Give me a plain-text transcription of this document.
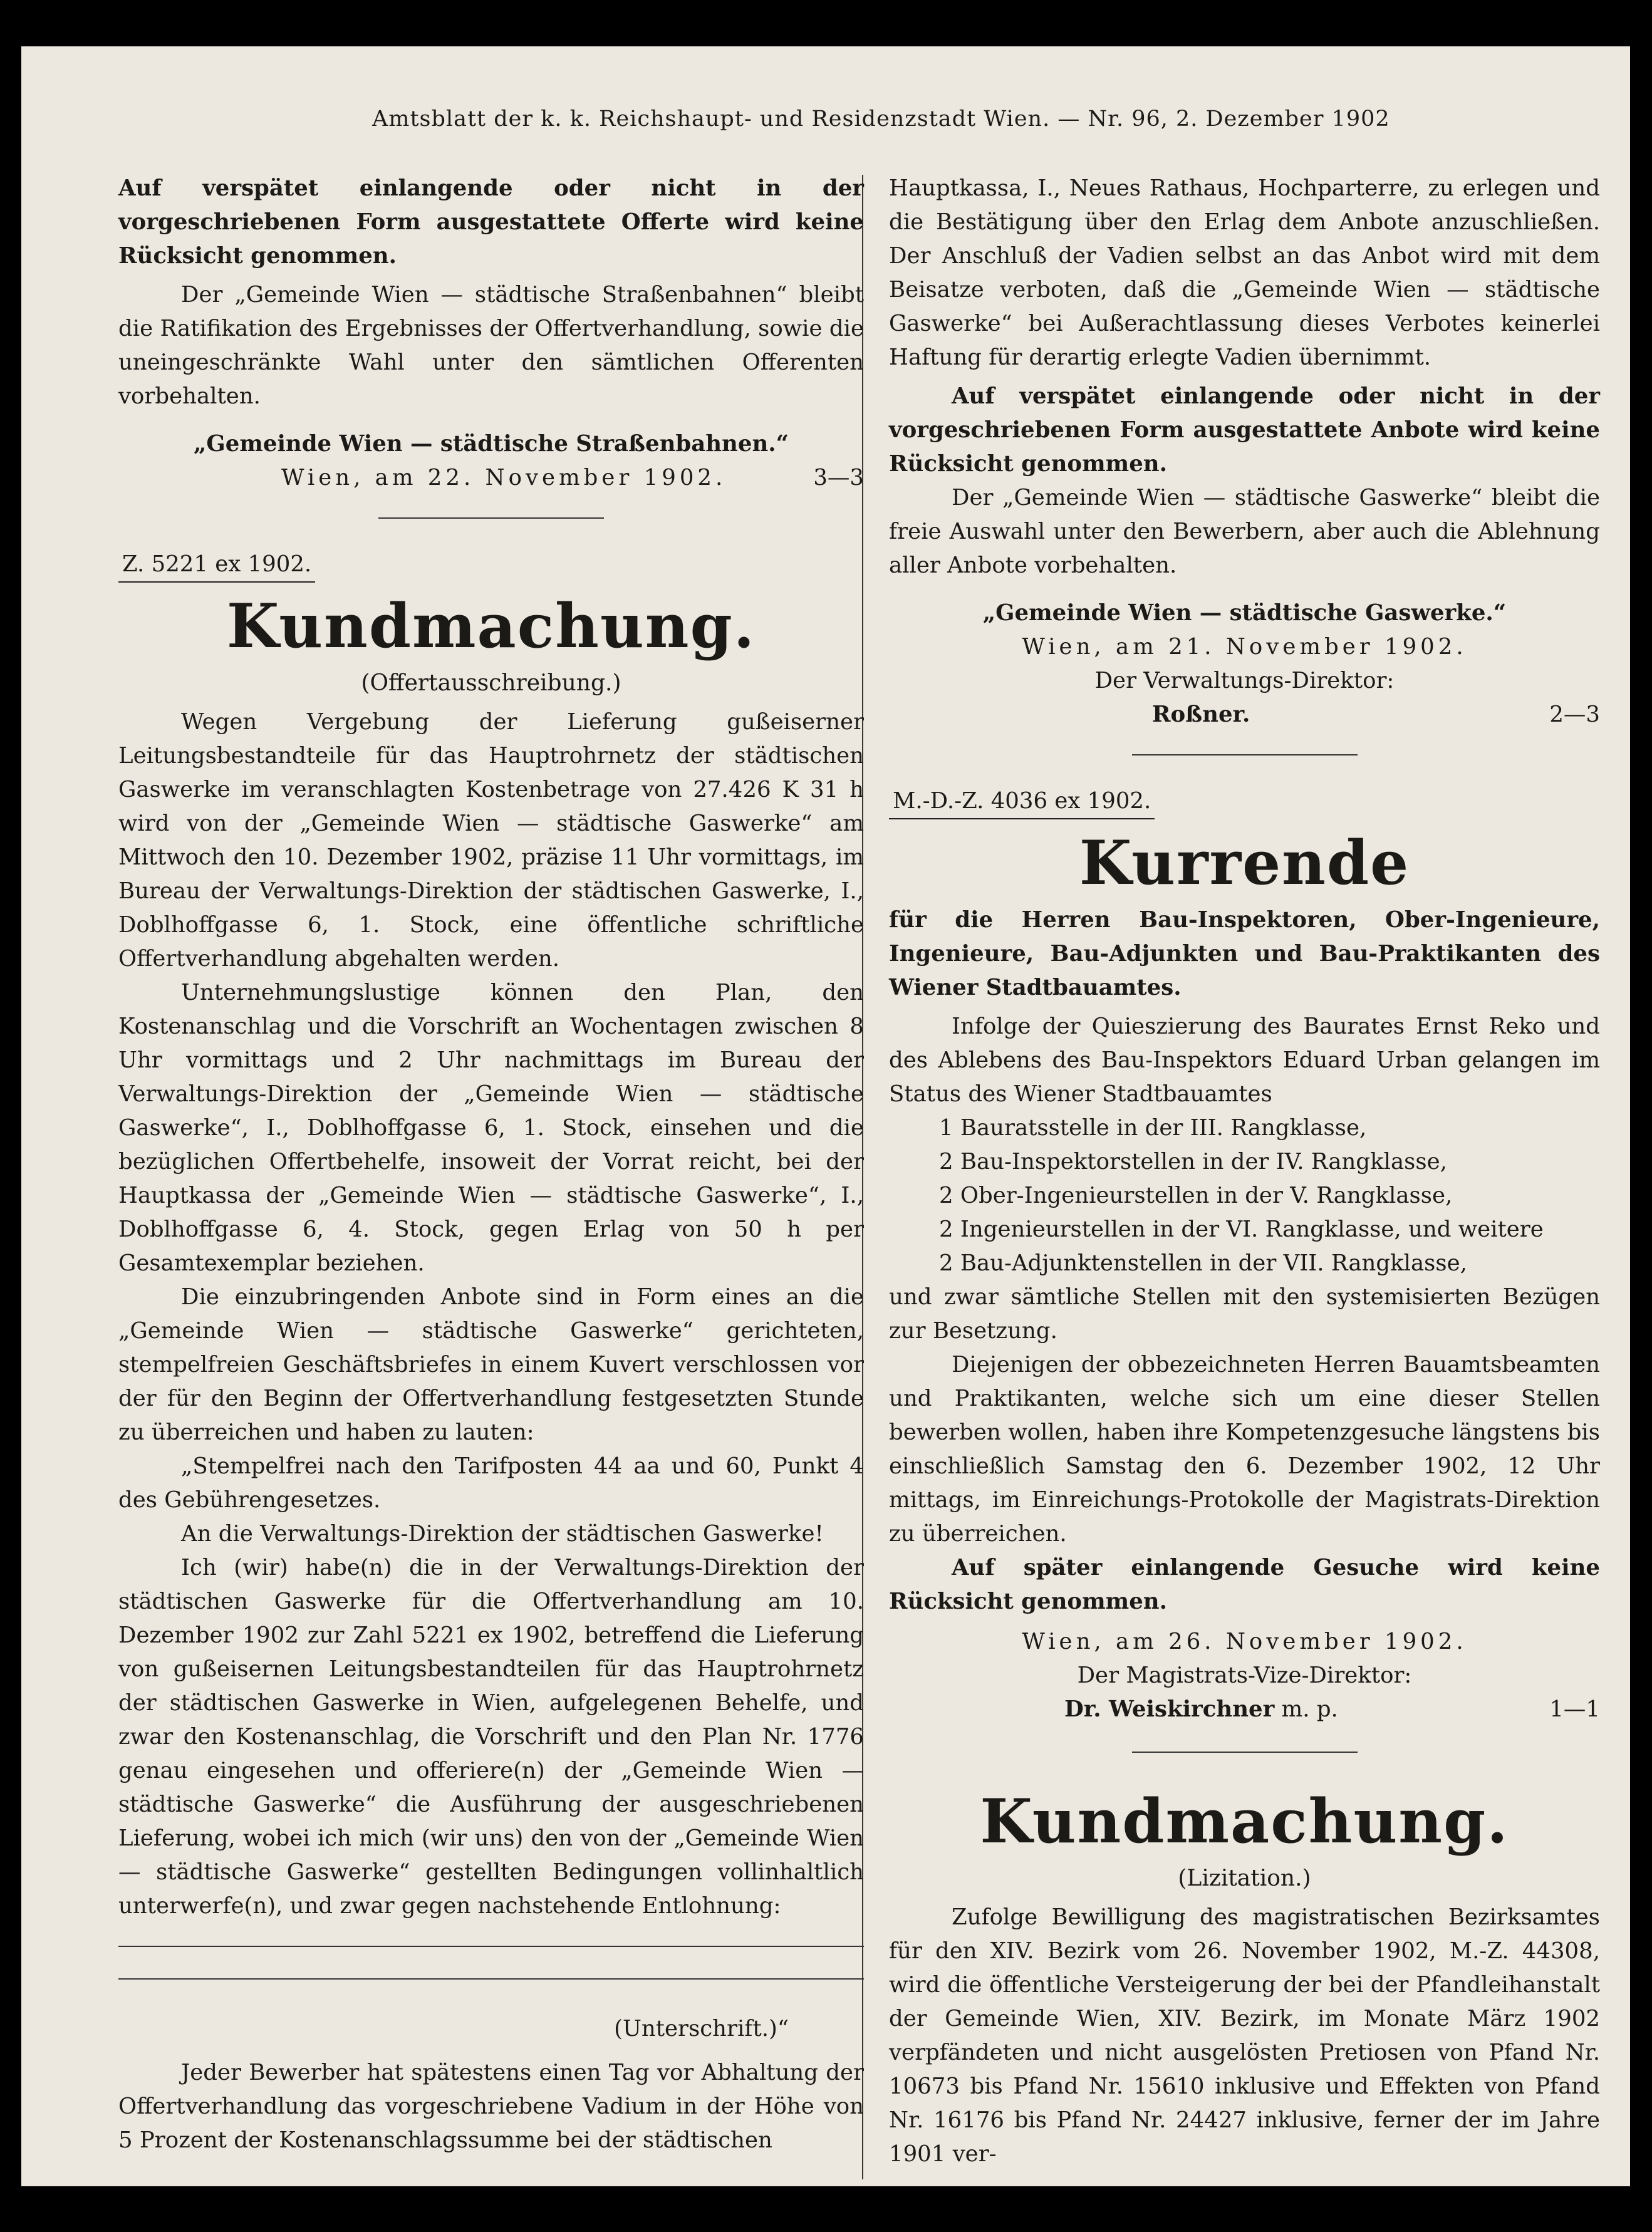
Amtsblatt der k. k. Reichshaupt- und Residenzstadt Wien. — Nr. 96, 2. Dezember 1902

Auf verspätet einlangende oder nicht in der vorgeschriebenen Form ausgestattete Offerte wird keine Rücksicht genommen.

Der „Gemeinde Wien — städtische Straßenbahnen“ bleibt die Ratifikation des Ergebnisses der Offertverhandlung, sowie die uneingeschränkte Wahl unter den sämtlichen Offerenten vorbehalten.

„Gemeinde Wien — städtische Straßenbahnen.“

Wien, am 22. November 1902.	3—3
Z. 5221 ex 1902.
Kundmachung.
(Offertausschreibung.)

Wegen Vergebung der Lieferung gußeiserner Leitungsbestandteile für das Hauptrohrnetz der städtischen Gaswerke im veranschlagten Kostenbetrage von 27.426 K 31 h wird von der „Gemeinde Wien — städtische Gaswerke“ am Mittwoch den 10. Dezember 1902, präzise 11 Uhr vormittags, im Bureau der Verwaltungs-Direktion der städtischen Gaswerke, I., Doblhoffgasse 6, 1. Stock, eine öffentliche schriftliche Offertverhandlung abgehalten werden.

Unternehmungslustige können den Plan, den Kostenanschlag und die Vorschrift an Wochentagen zwischen 8 Uhr vormittags und 2 Uhr nachmittags im Bureau der Verwaltungs-Direktion der „Gemeinde Wien — städtische Gaswerke“, I., Doblhoffgasse 6, 1. Stock, einsehen und die bezüglichen Offertbehelfe, insoweit der Vorrat reicht, bei der Hauptkassa der „Gemeinde Wien — städtische Gaswerke“, I., Doblhoffgasse 6, 4. Stock, gegen Erlag von 50 h per Gesamtexemplar beziehen.

Die einzubringenden Anbote sind in Form eines an die „Gemeinde Wien — städtische Gaswerke“ gerichteten, stempelfreien Geschäftsbriefes in einem Kuvert verschlossen vor der für den Beginn der Offertverhandlung festgesetzten Stunde zu überreichen und haben zu lauten:

„Stempelfrei nach den Tarifposten 44 aa und 60, Punkt 4 des Gebührengesetzes.

An die Verwaltungs-Direktion der städtischen Gaswerke!

Ich (wir) habe(n) die in der Verwaltungs-Direktion der städtischen Gaswerke für die Offertverhandlung am 10. Dezember 1902 zur Zahl 5221 ex 1902, betreffend die Lieferung von gußeisernen Leitungsbestandteilen für das Hauptrohrnetz der städtischen Gaswerke in Wien, aufgelegenen Behelfe, und zwar den Kostenanschlag, die Vorschrift und den Plan Nr. 1776 genau eingesehen und offeriere(n) der „Gemeinde Wien — städtische Gaswerke“ die Ausführung der ausgeschriebenen Lieferung, wobei ich mich (wir uns) den von der „Gemeinde Wien — städtische Gaswerke“ gestellten Bedingungen vollinhaltlich unterwerfe(n), und zwar gegen nachstehende Entlohnung:

(Unterschrift.)“

Jeder Bewerber hat spätestens einen Tag vor Abhaltung der Offertverhandlung das vorgeschriebene Vadium in der Höhe von 5 Prozent der Kostenanschlagssumme bei der städtischen

Hauptkassa, I., Neues Rathaus, Hochparterre, zu erlegen und die Bestätigung über den Erlag dem Anbote anzuschließen. Der Anschluß der Vadien selbst an das Anbot wird mit dem Beisatze verboten, daß die „Gemeinde Wien — städtische Gaswerke“ bei Außerachtlassung dieses Verbotes keinerlei Haftung für derartig erlegte Vadien übernimmt.

Auf verspätet einlangende oder nicht in der vorgeschriebenen Form ausgestattete Anbote wird keine Rücksicht genommen.

Der „Gemeinde Wien — städtische Gaswerke“ bleibt die freie Auswahl unter den Bewerbern, aber auch die Ablehnung aller Anbote vorbehalten.

„Gemeinde Wien — städtische Gaswerke.“

Wien, am 21. November 1902.

Der Verwaltungs-Direktor:

Roßner.	2—3
M.-D.-Z. 4036 ex 1902.
Kurrende

für die Herren Bau-Inspektoren, Ober-Ingenieure, Ingenieure, Bau-Adjunkten und Bau-Praktikanten des Wiener Stadtbauamtes.

Infolge der Quieszierung des Baurates Ernst Reko und des Ablebens des Bau-Inspektors Eduard Urban gelangen im Status des Wiener Stadtbauamtes

1 Bauratsstelle in der III. Rangklasse,

2 Bau-Inspektorstellen in der IV. Rangklasse,

2 Ober-Ingenieurstellen in der V. Rangklasse,

2 Ingenieurstellen in der VI. Rangklasse, und weitere

2 Bau-Adjunktenstellen in der VII. Rangklasse,

und zwar sämtliche Stellen mit den systemisierten Bezügen zur Besetzung.

Diejenigen der obbezeichneten Herren Bauamtsbeamten und Praktikanten, welche sich um eine dieser Stellen bewerben wollen, haben ihre Kompetenzgesuche längstens bis einschließlich Samstag den 6. Dezember 1902, 12 Uhr mittags, im Einreichungs-Protokolle der Magistrats-Direktion zu überreichen.

Auf später einlangende Gesuche wird keine Rücksicht genommen.

Wien, am 26. November 1902.

Der Magistrats-Vize-Direktor:

Dr. Weiskirchner m. p.	1—1
Kundmachung.
(Lizitation.)

Zufolge Bewilligung des magistratischen Bezirksamtes für den XIV. Bezirk vom 26. November 1902, M.-Z. 44308, wird die öffentliche Versteigerung der bei der Pfandleihanstalt der Gemeinde Wien, XIV. Bezirk, im Monate März 1902 verpfändeten und nicht ausgelösten Pretiosen von Pfand Nr. 10673 bis Pfand Nr. 15610 inklusive und Effekten von Pfand Nr. 16176 bis Pfand Nr. 24427 inklusive, ferner der im Jahre 1901 ver-
